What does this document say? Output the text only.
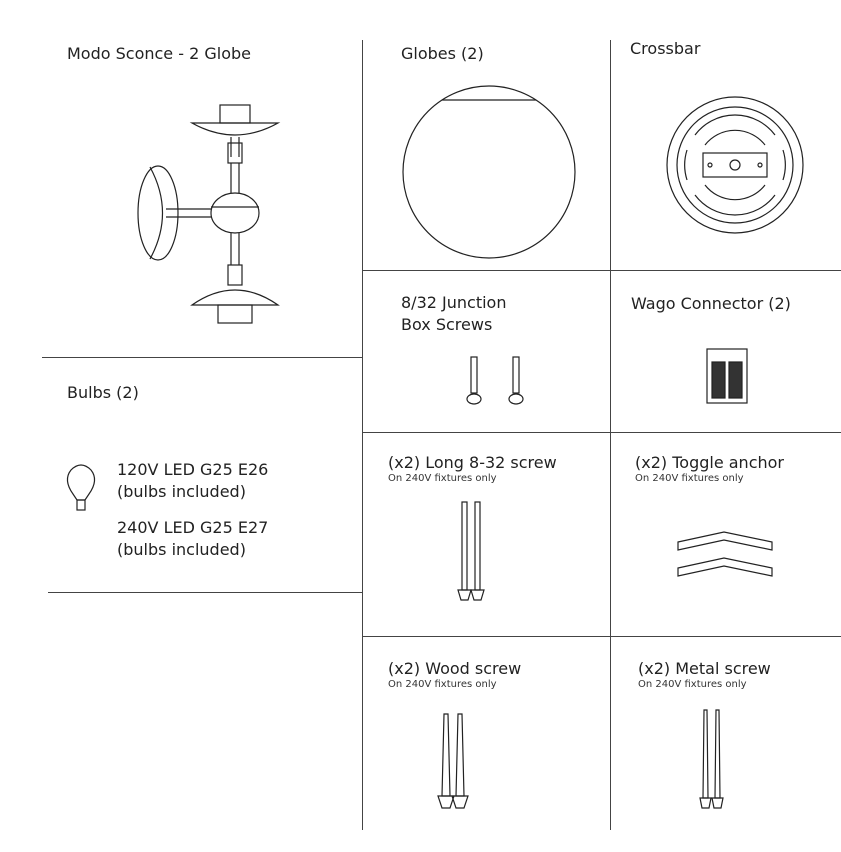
Modo Sconce - 2 Globe	Globes (2)	Crossbar
Bulbs (2)
120V LED G25 E26
(bulbs included)
240V LED G25 E27
(bulbs included)
8/32 Junction
Box Screws
Wago Connector (2)
(x2) Long 8-32 screw
On 240V fixtures only
(x2) Toggle anchor
On 240V fixtures only
(x2) Wood screw
On 240V fixtures only
(x2) Metal screw
On 240V fixtures only
